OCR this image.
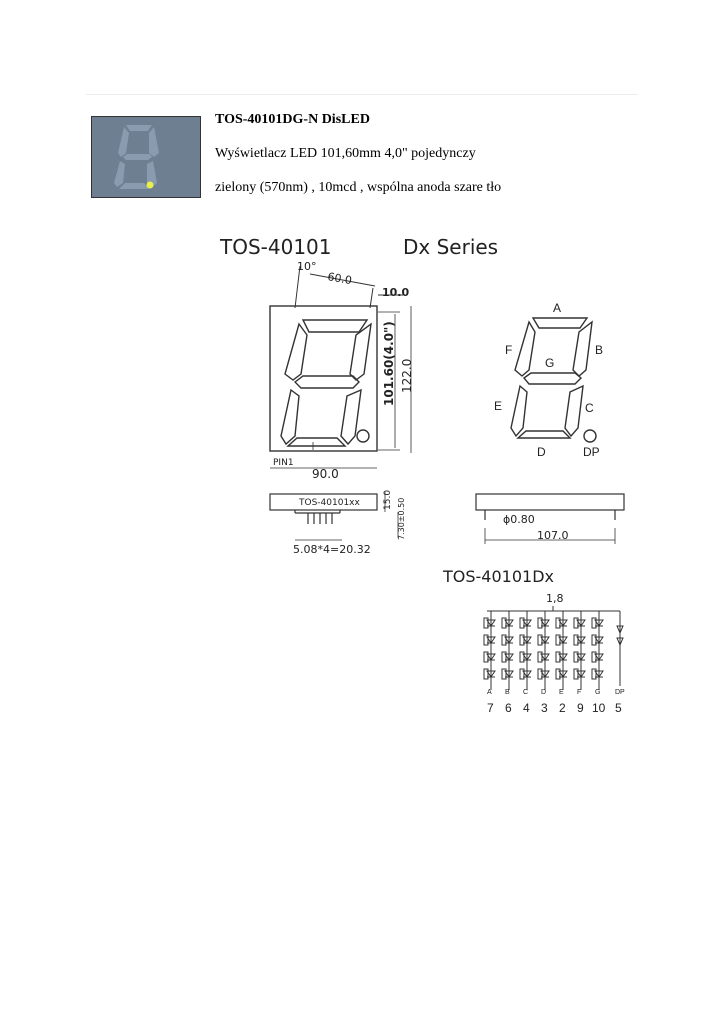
TOS-40101DG-N DisLED
Wyświetlacz LED 101,60mm 4,0" pojedynczy
zielony (570nm) , 10mcd , wspólna anoda szare tło
TOS-40101	Dx Series
10°
60.0
10.0
101.60(4.0") 122.0
PIN1
90.0
A
B
C
D
E
F
G
DP
TOS-40101xx	15.0 7.30±0.50
5.08*4=20.32
ϕ0.80
107.0
TOS-40101Dx
1,8
A B C D E F G DP
7 6 4 3 2 9 10 5
